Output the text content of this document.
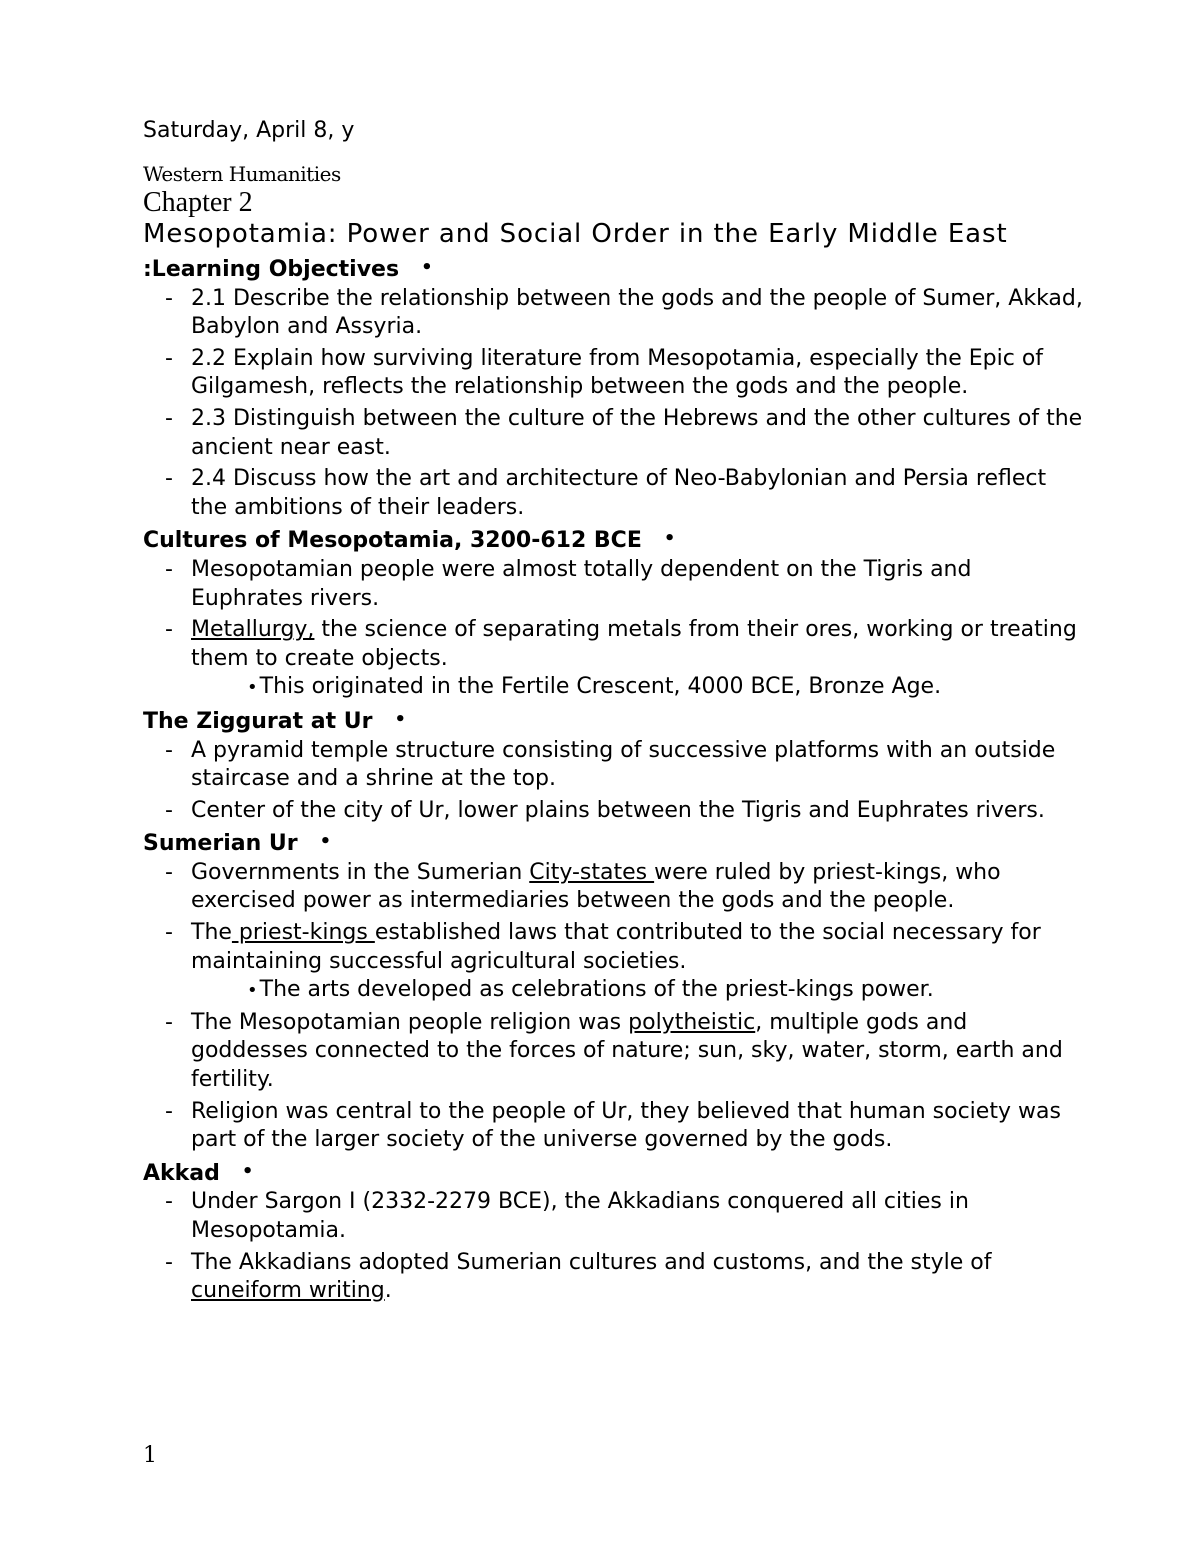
Saturday, April 8, y
Western Humanities
Chapter 2
Mesopotamia: Power and Social Order in the Early Middle East
:Learning Objectives •
- 2.1 Describe the relationship between the gods and the people of Sumer, Akkad, Babylon and Assyria.
- 2.2 Explain how surviving literature from Mesopotamia, especially the Epic of Gilgamesh, reflects the relationship between the gods and the people.
- 2.3 Distinguish between the culture of the Hebrews and the other cultures of the ancient near east.
- 2.4 Discuss how the art and architecture of Neo-Babylonian and Persia reflect the ambitions of their leaders.
Cultures of Mesopotamia, 3200-612 BCE •
- Mesopotamian people were almost totally dependent on the Tigris and Euphrates rivers.
- Metallurgy, the science of separating metals from their ores, working or treating them to create objects.
•This originated in the Fertile Crescent, 4000 BCE, Bronze Age.
The Ziggurat at Ur •
- A pyramid temple structure consisting of successive platforms with an outside staircase and a shrine at the top.
- Center of the city of Ur, lower plains between the Tigris and Euphrates rivers.
Sumerian Ur •
- Governments in the Sumerian City-states were ruled by priest-kings, who exercised power as intermediaries between the gods and the people.
- The priest-kings established laws that contributed to the social necessary for maintaining successful agricultural societies.
•The arts developed as celebrations of the priest-kings power.
- The Mesopotamian people religion was polytheistic, multiple gods and goddesses connected to the forces of nature; sun, sky, water, storm, earth and fertility.
- Religion was central to the people of Ur, they believed that human society was part of the larger society of the universe governed by the gods.
Akkad •
- Under Sargon I (2332-2279 BCE), the Akkadians conquered all cities in Mesopotamia.
- The Akkadians adopted Sumerian cultures and customs, and the style of cuneiform writing.
1
